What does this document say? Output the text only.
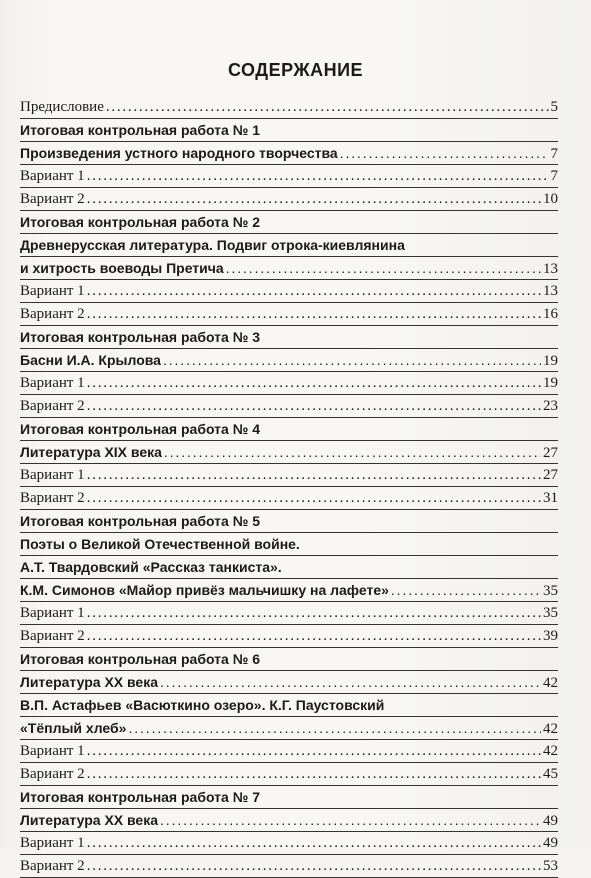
СОДЕРЖАНИЕ
Предисловие . . .	5
Итоговая контрольная работа № 1
Произведения устного народного творчества . . .	7
Вариант 1 . . .	7
Вариант 2 . . .	10
Итоговая контрольная работа № 2
Древнерусская литература. Подвиг отрока-киевлянина
и хитрость воеводы Претича . . .	13
Вариант 1 . . .	13
Вариант 2 . . .	16
Итоговая контрольная работа № 3
Басни И.А. Крылова . . .	19
Вариант 1 . . .	19
Вариант 2 . . .	23
Итоговая контрольная работа № 4
Литература XIX века . . .	27
Вариант 1 . . .	27
Вариант 2 . . .	31
Итоговая контрольная работа № 5
Поэты о Великой Отечественной войне.
А.Т. Твардовский «Рассказ танкиста».
К.М. Симонов «Майор привёз мальчишку на лафете» . . .	35
Вариант 1 . . .	35
Вариант 2 . . .	39
Итоговая контрольная работа № 6
Литература XX века . . .	42
В.П. Астафьев «Васюткино озеро». К.Г. Паустовский
«Тёплый хлеб» . . .	42
Вариант 1 . . .	42
Вариант 2 . . .	45
Итоговая контрольная работа № 7
Литература XX века . . .	49
Вариант 1 . . .	49
Вариант 2 . . .	53
